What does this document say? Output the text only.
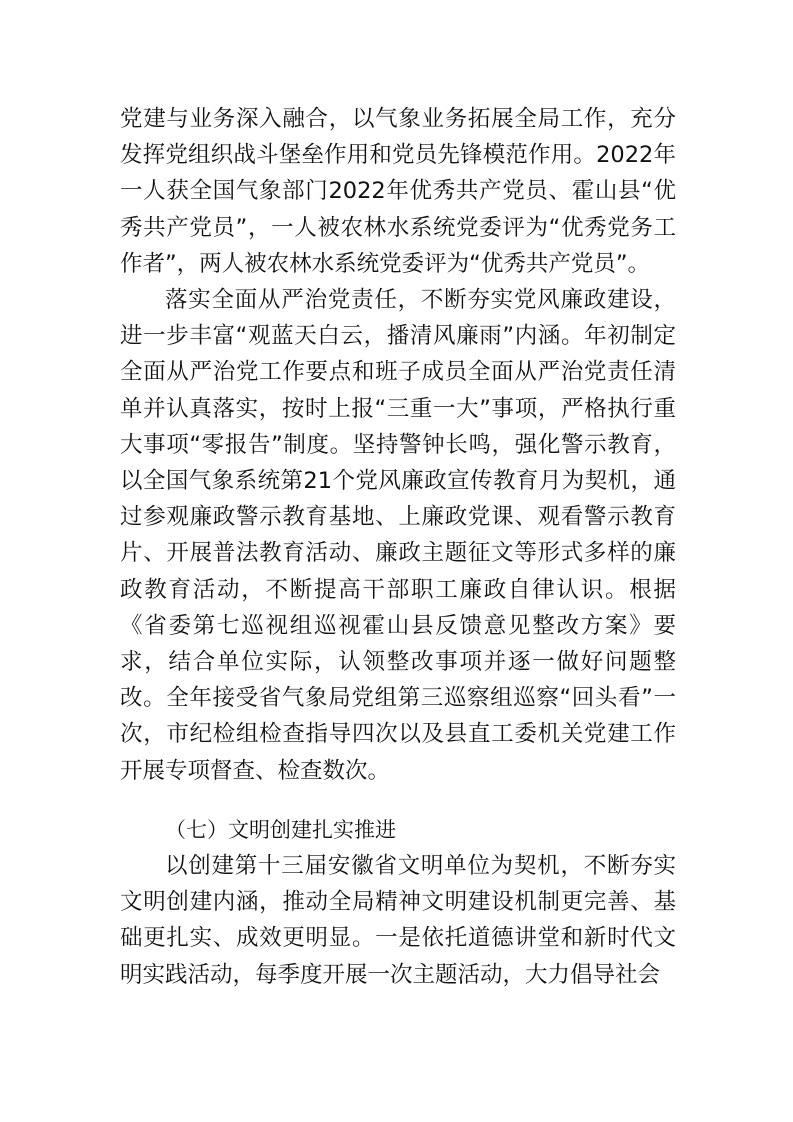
党建与业务深入融合，以气象业务拓展全局工作，充分发挥党组织战斗堡垒作用和党员先锋模范作用。2022年一人获全国气象部门2022年优秀共产党员、霍山县“优秀共产党员”，一人被农林水系统党委评为“优秀党务工作者”，两人被农林水系统党委评为“优秀共产党员”。

落实全面从严治党责任，不断夯实党风廉政建设，进一步丰富“观蓝天白云，播清风廉雨”内涵。年初制定全面从严治党工作要点和班子成员全面从严治党责任清单并认真落实，按时上报“三重一大”事项，严格执行重大事项“零报告”制度。坚持警钟长鸣，强化警示教育，以全国气象系统第21个党风廉政宣传教育月为契机，通过参观廉政警示教育基地、上廉政党课、观看警示教育片、开展普法教育活动、廉政主题征文等形式多样的廉政教育活动，不断提高干部职工廉政自律认识。根据《省委第七巡视组巡视霍山县反馈意见整改方案》要求，结合单位实际，认领整改事项并逐一做好问题整改。全年接受省气象局党组第三巡察组巡察“回头看”一次，市纪检组检查指导四次以及县直工委机关党建工作开展专项督查、检查数次。

（七）文明创建扎实推进

以创建第十三届安徽省文明单位为契机，不断夯实文明创建内涵，推动全局精神文明建设机制更完善、基础更扎实、成效更明显。一是依托道德讲堂和新时代文明实践活动，每季度开展一次主题活动，大力倡导社会
